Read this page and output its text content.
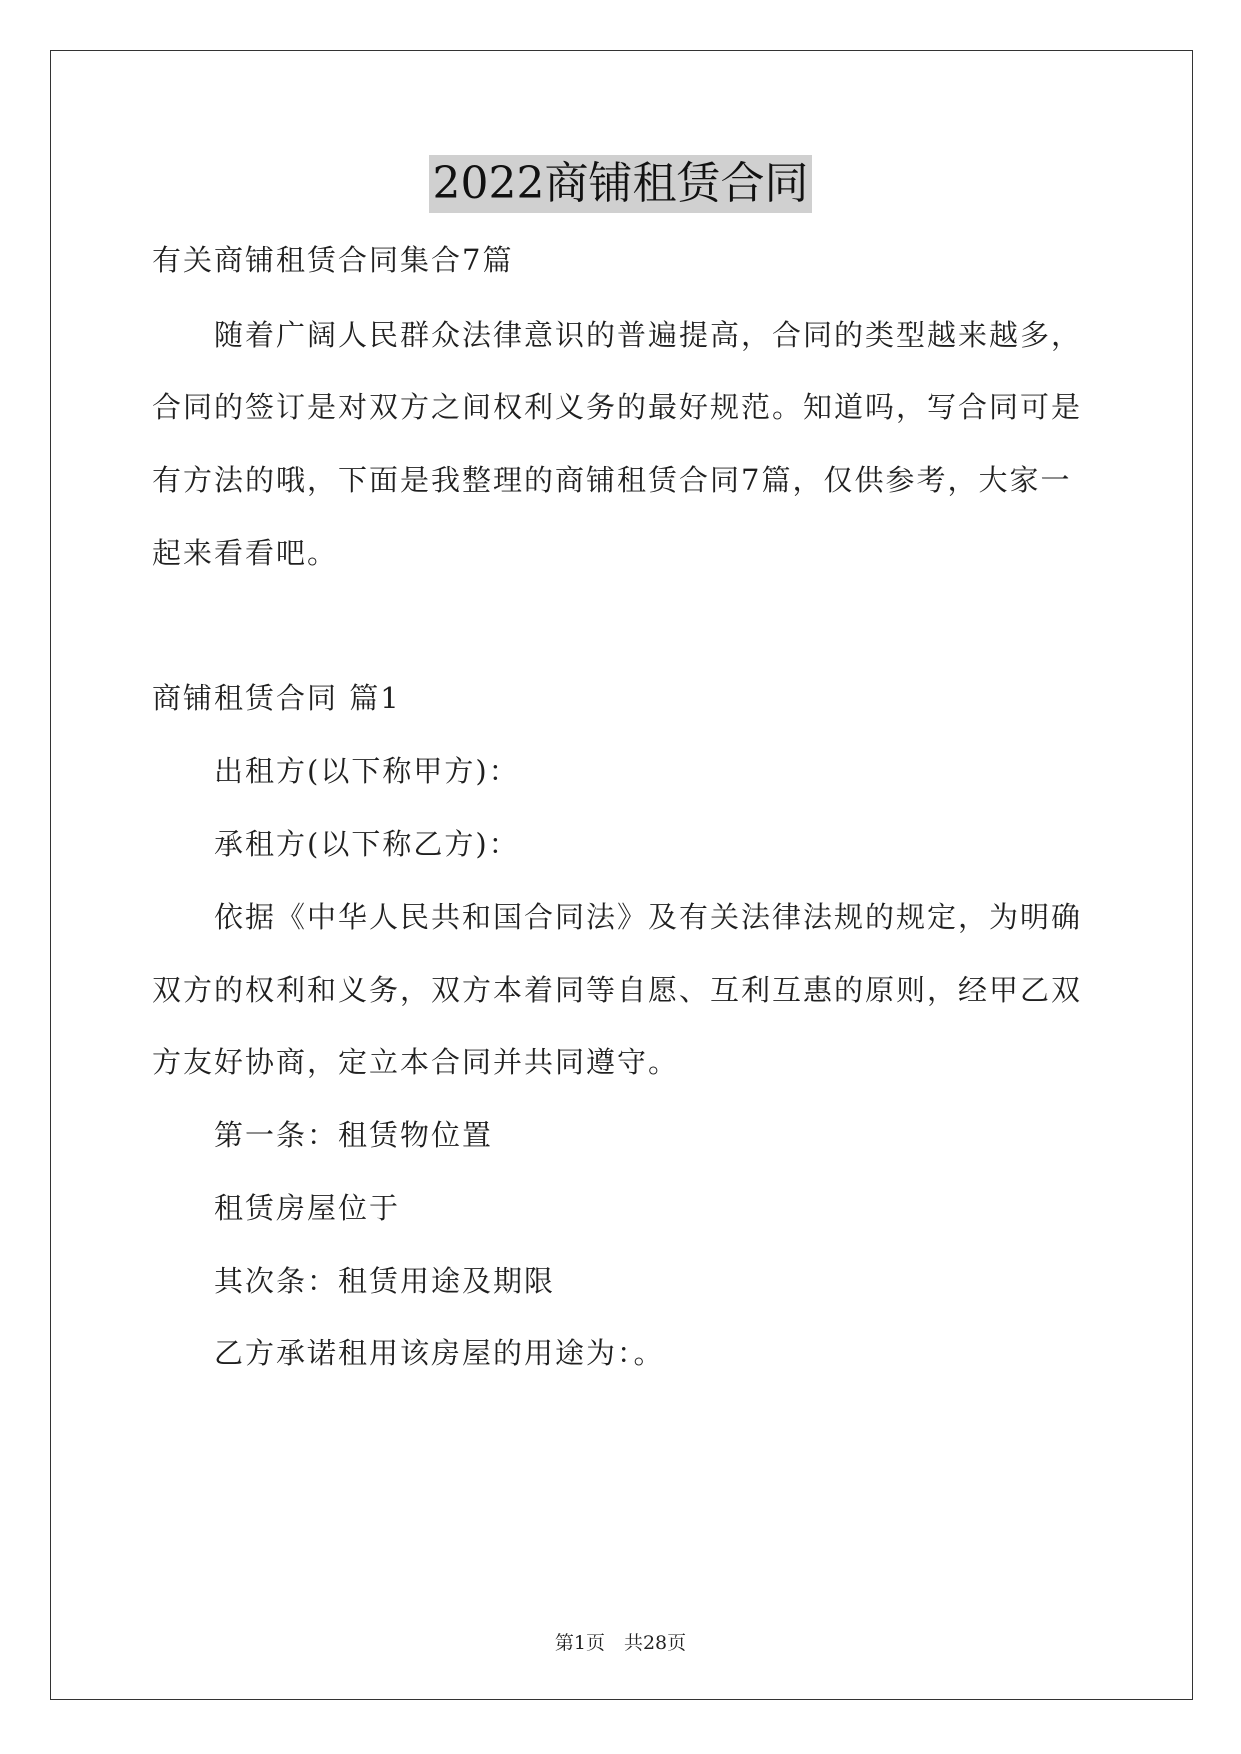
2022商铺租赁合同
有关商铺租赁合同集合7篇
随着广阔人民群众法律意识的普遍提高，合同的类型越来越多，
合同的签订是对双方之间权利义务的最好规范。知道吗，写合同可是
有方法的哦，下面是我整理的商铺租赁合同7篇，仅供参考，大家一
起来看看吧。
商铺租赁合同 篇1
出租方(以下称甲方)：
承租方(以下称乙方)：
依据《中华人民共和国合同法》及有关法律法规的规定，为明确
双方的权利和义务，双方本着同等自愿、互利互惠的原则，经甲乙双
方友好协商，定立本合同并共同遵守。
第一条：租赁物位置
租赁房屋位于
其次条：租赁用途及期限
乙方承诺租用该房屋的用途为：。
第1页　共28页
